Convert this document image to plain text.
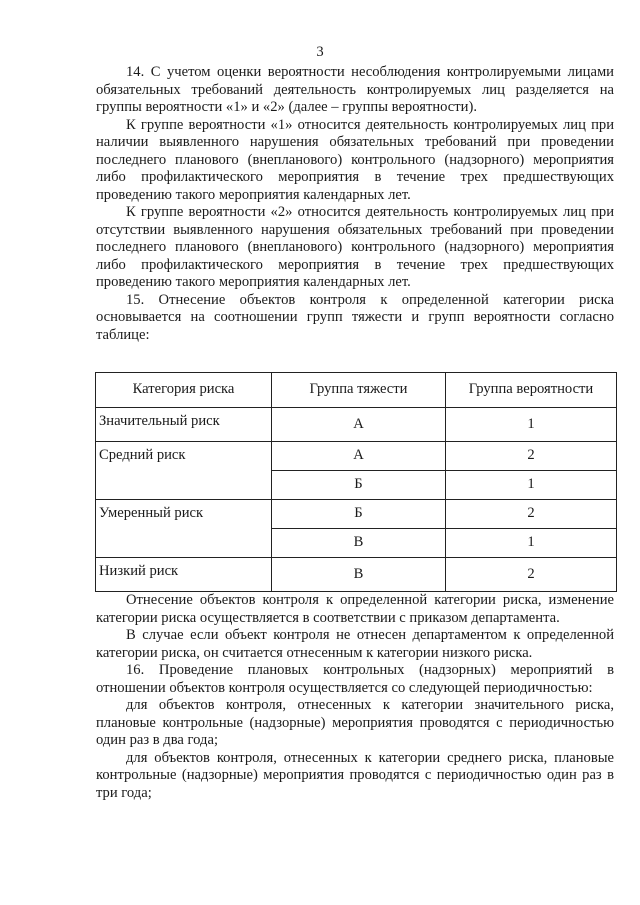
3

14. С учетом оценки вероятности несоблюдения контролируемыми лицами обязательных требований деятельность контролируемых лиц разделяется на группы вероятности «1» и «2» (далее – группы вероятности).

К группе вероятности «1» относится деятельность контролируемых лиц при наличии выявленного нарушения обязательных требований при проведении последнего планового (внепланового) контрольного (надзорного) мероприятия либо профилактического мероприятия в течение трех предшествующих проведению такого мероприятия календарных лет.

К группе вероятности «2» относится деятельность контролируемых лиц при отсутствии выявленного нарушения обязательных требований при проведении последнего планового (внепланового) контрольного (надзорного) мероприятия либо профилактического мероприятия в течение трех предшествующих проведению такого мероприятия календарных лет.

15. Отнесение объектов контроля к определенной категории риска основывается на соотношении групп тяжести и групп вероятности согласно таблице:

Категория риска	Группа тяжести	Группа вероятности
Значительный риск	А	1
Средний риск	А	2
	Б	1
Умеренный риск	Б	2
	В	1
Низкий риск	В	2

Отнесение объектов контроля к определенной категории риска, изменение категории риска осуществляется в соответствии с приказом департамента.

В случае если объект контроля не отнесен департаментом к определенной категории риска, он считается отнесенным к категории низкого риска.

16. Проведение плановых контрольных (надзорных) мероприятий в отношении объектов контроля осуществляется со следующей периодичностью:

для объектов контроля, отнесенных к категории значительного риска, плановые контрольные (надзорные) мероприятия проводятся с периодичностью один раз в два года;

для объектов контроля, отнесенных к категории среднего риска, плановые контрольные (надзорные) мероприятия проводятся с периодичностью один раз в три года;
